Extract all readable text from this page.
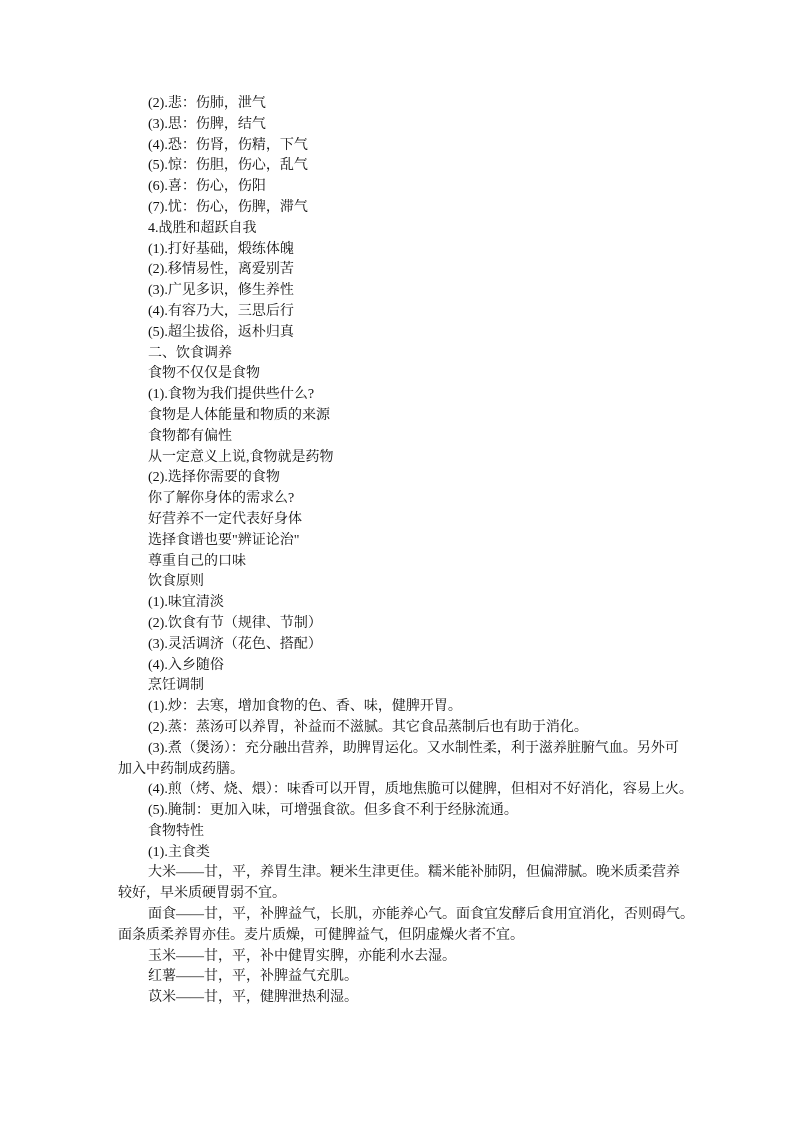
(2).悲：伤肺，泄气
(3).思：伤脾，结气
(4).恐：伤肾，伤精，下气
(5).惊：伤胆，伤心，乱气
(6).喜：伤心，伤阳
(7).忧：伤心，伤脾，滞气
4.战胜和超跃自我
(1).打好基础，煅练体魄
(2).移情易性，离爱别苦
(3).广见多识，修生养性
(4).有容乃大，三思后行
(5).超尘拔俗，返朴归真
二、饮食调养
食物不仅仅是食物
(1).食物为我们提供些什么?
食物是人体能量和物质的来源
食物都有偏性
从一定意义上说,食物就是药物
(2).选择你需要的食物
你了解你身体的需求么?
好营养不一定代表好身体
选择食谱也要"辨证论治"
尊重自己的口味
饮食原则
(1).味宜清淡
(2).饮食有节（规律、节制）
(3).灵活调济（花色、搭配）
(4).入乡随俗
烹饪调制
(1).炒：去寒，增加食物的色、香、味，健脾开胃。
(2).蒸：蒸汤可以养胃，补益而不滋腻。其它食品蒸制后也有助于消化。
(3).煮（煲汤）：充分融出营养，助脾胃运化。又水制性柔，利于滋养脏腑气血。另外可
加入中药制成药膳。
(4).煎（烤、烧、煨）：味香可以开胃，质地焦脆可以健脾，但相对不好消化，容易上火。
(5).腌制：更加入味，可增强食欲。但多食不利于经脉流通。
食物特性
(1).主食类
大米——甘，平，养胃生津。粳米生津更佳。糯米能补肺阴，但偏滞腻。晚米质柔营养
较好，早米质硬胃弱不宜。
面食——甘，平，补脾益气，长肌，亦能养心气。面食宜发酵后食用宜消化，否则碍气。
面条质柔养胃亦佳。麦片质燥，可健脾益气，但阴虚燥火者不宜。
玉米——甘，平，补中健胃实脾，亦能利水去湿。
红薯——甘，平，补脾益气充肌。
苡米——甘，平，健脾泄热利湿。
